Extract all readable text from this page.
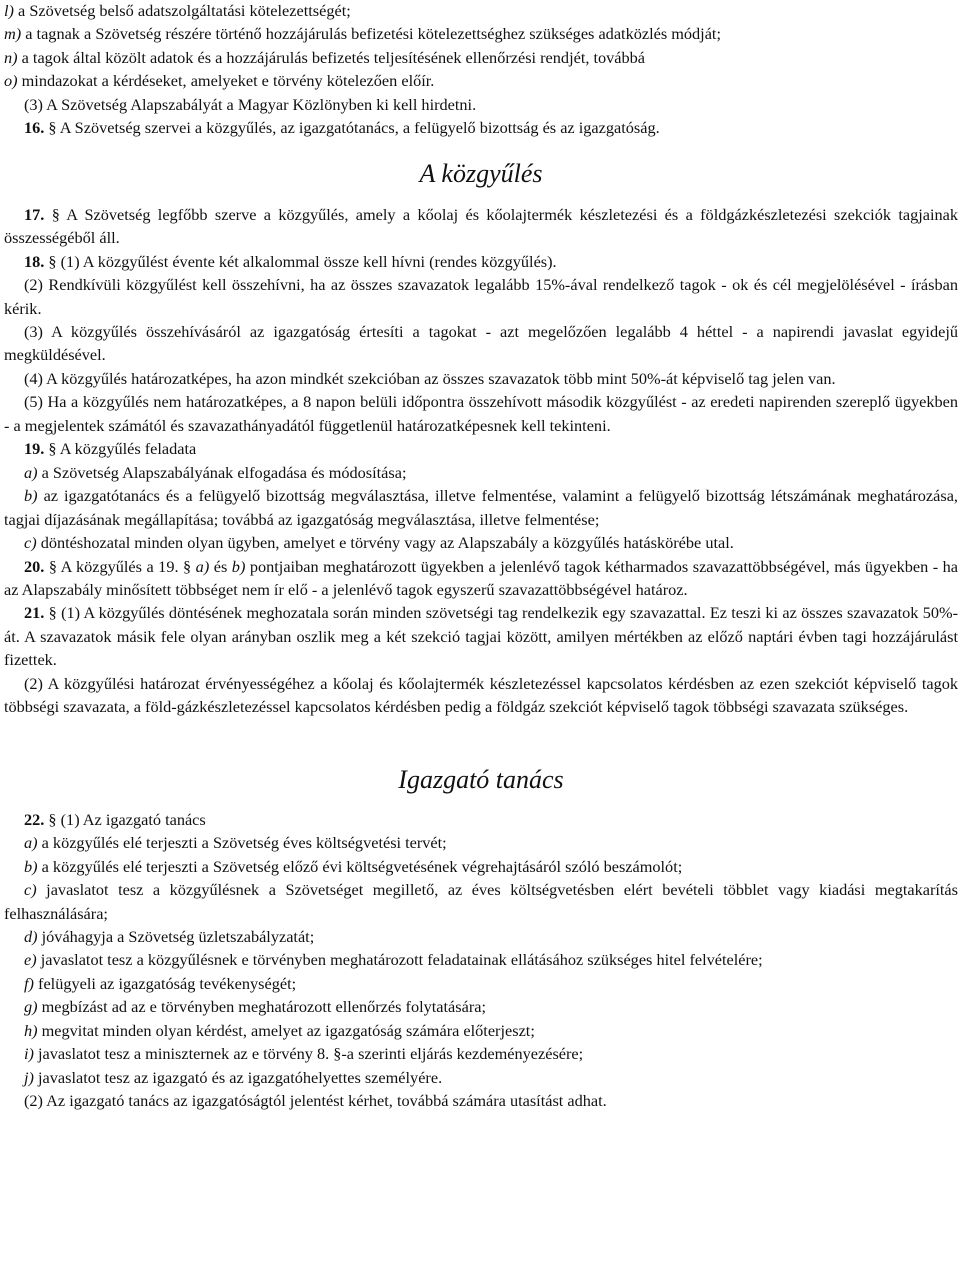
l) a Szövetség belső adatszolgáltatási kötelezettségét;

m) a tagnak a Szövetség részére történő hozzájárulás befizetési kötelezettséghez szükséges adatközlés módját;

n) a tagok által közölt adatok és a hozzájárulás befizetés teljesítésének ellenőrzési rendjét, továbbá

o) mindazokat a kérdéseket, amelyeket e törvény kötelezően előír.

(3) A Szövetség Alapszabályát a Magyar Közlönyben ki kell hirdetni.

16. § A Szövetség szervei a közgyűlés, az igazgatótanács, a felügyelő bizottság és az igazgatóság.

A közgyűlés

17. § A Szövetség legfőbb szerve a közgyűlés, amely a kőolaj és kőolajtermék készletezési és a földgázkészletezési szekciók tagjainak összességéből áll.

18. § (1) A közgyűlést évente két alkalommal össze kell hívni (rendes közgyűlés).

(2) Rendkívüli közgyűlést kell összehívni, ha az összes szavazatok legalább 15%-ával rendelkező tagok - ok és cél megjelölésével - írásban kérik.

(3) A közgyűlés összehívásáról az igazgatóság értesíti a tagokat - azt megelőzően legalább 4 héttel - a napirendi javaslat egyidejű megküldésével.

(4) A közgyűlés határozatképes, ha azon mindkét szekcióban az összes szavazatok több mint 50%-át képviselő tag jelen van.

(5) Ha a közgyűlés nem határozatképes, a 8 napon belüli időpontra összehívott második közgyűlést - az eredeti napirenden szereplő ügyekben - a megjelentek számától és szavazathányadától függetlenül határozatképesnek kell tekinteni.

19. § A közgyűlés feladata

a) a Szövetség Alapszabályának elfogadása és módosítása;

b) az igazgatótanács és a felügyelő bizottság megválasztása, illetve felmentése, valamint a felügyelő bizottság létszámának meghatározása, tagjai díjazásának megállapítása; továbbá az igazgatóság megválasztása, illetve felmentése;

c) döntéshozatal minden olyan ügyben, amelyet e törvény vagy az Alapszabály a közgyűlés hatáskörébe utal.

20. § A közgyűlés a 19. § a) és b) pontjaiban meghatározott ügyekben a jelenlévő tagok kétharmados szavazattöbbségével, más ügyekben - ha az Alapszabály minősített többséget nem ír elő - a jelenlévő tagok egyszerű szavazattöbbségével határoz.

21. § (1) A közgyűlés döntésének meghozatala során minden szövetségi tag rendelkezik egy szavazattal. Ez teszi ki az összes szavazatok 50%-át. A szavazatok másik fele olyan arányban oszlik meg a két szekció tagjai között, amilyen mértékben az előző naptári évben tagi hozzájárulást fizettek.

(2) A közgyűlési határozat érvényességéhez a kőolaj és kőolajtermék készletezéssel kapcsolatos kérdésben az ezen szekciót képviselő tagok többségi szavazata, a föld-gázkészletezéssel kapcsolatos kérdésben pedig a földgáz szekciót képviselő tagok többségi szavazata szükséges.

Igazgató tanács

22. § (1) Az igazgató tanács

a) a közgyűlés elé terjeszti a Szövetség éves költségvetési tervét;

b) a közgyűlés elé terjeszti a Szövetség előző évi költségvetésének végrehajtásáról szóló beszámolót;

c) javaslatot tesz a közgyűlésnek a Szövetséget megillető, az éves költségvetésben elért bevételi többlet vagy kiadási megtakarítás felhasználására;

d) jóváhagyja a Szövetség üzletszabályzatát;

e) javaslatot tesz a közgyűlésnek e törvényben meghatározott feladatainak ellátásához szükséges hitel felvételére;

f) felügyeli az igazgatóság tevékenységét;

g) megbízást ad az e törvényben meghatározott ellenőrzés folytatására;

h) megvitat minden olyan kérdést, amelyet az igazgatóság számára előterjeszt;

i) javaslatot tesz a miniszternek az e törvény 8. §-a szerinti eljárás kezdeményezésére;

j) javaslatot tesz az igazgató és az igazgatóhelyettes személyére.

(2) Az igazgató tanács az igazgatóságtól jelentést kérhet, továbbá számára utasítást adhat.
